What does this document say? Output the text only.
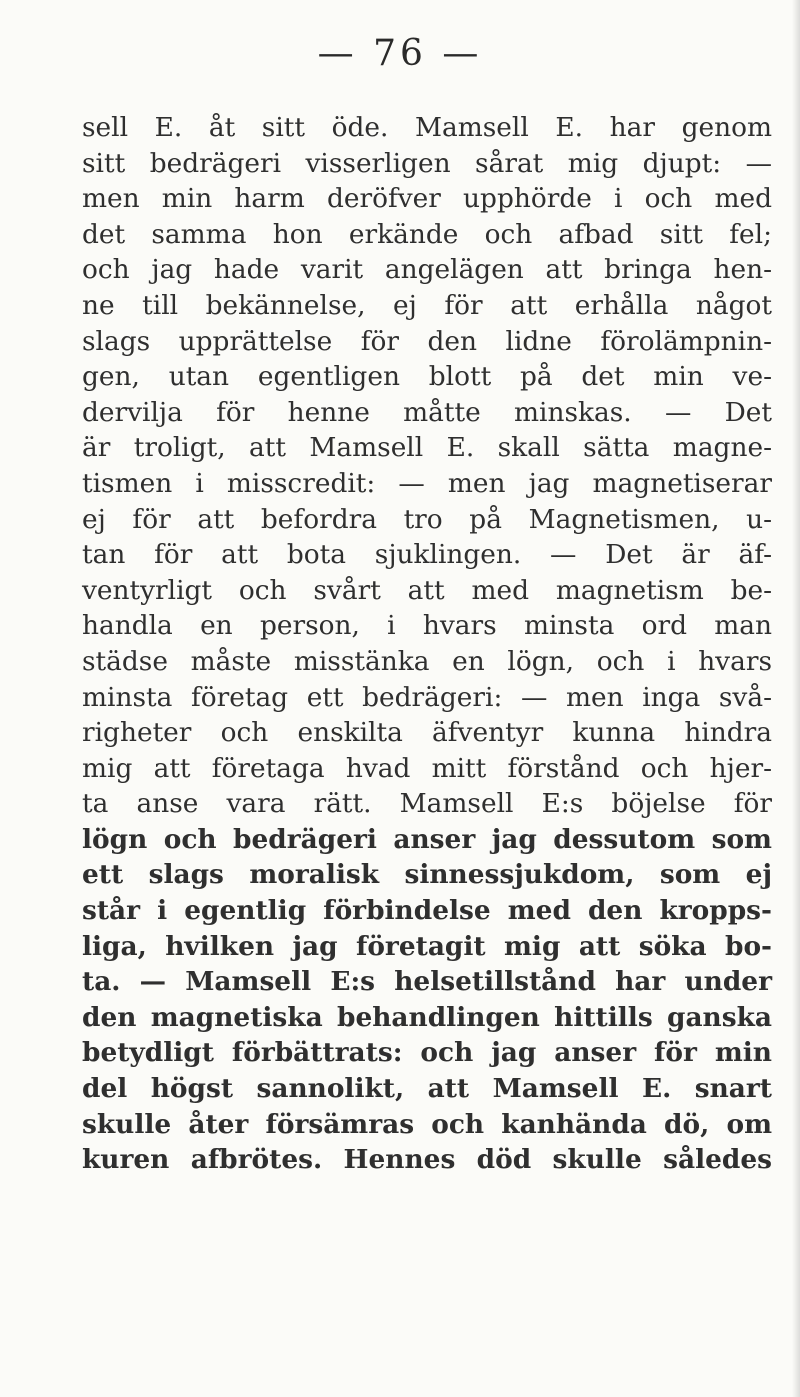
— 76 —
sell E. åt sitt öde. Mamsell E. har genom
sitt bedrägeri visserligen sårat mig djupt: —
men min harm deröfver upphörde i och med
det samma hon erkände och afbad sitt fel;
och jag hade varit angelägen att bringa hen-
ne till bekännelse, ej för att erhålla något
slags upprättelse för den lidne förolämpnin-
gen, utan egentligen blott på det min ve-
dervilja för henne måtte minskas. — Det
är troligt, att Mamsell E. skall sätta magne-
tismen i misscredit: — men jag magnetiserar
ej för att befordra tro på Magnetismen, u-
tan för att bota sjuklingen. — Det är äf-
ventyrligt och svårt att med magnetism be-
handla en person, i hvars minsta ord man
städse måste misstänka en lögn, och i hvars
minsta företag ett bedrägeri: — men inga svå-
righeter och enskilta äfventyr kunna hindra
mig att företaga hvad mitt förstånd och hjer-
ta anse vara rätt. Mamsell E:s böjelse för
lögn och bedrägeri anser jag dessutom som
ett slags moralisk sinnessjukdom, som ej
står i egentlig förbindelse med den kropps-
liga, hvilken jag företagit mig att söka bo-
ta. — Mamsell E:s helsetillstånd har under
den magnetiska behandlingen hittills ganska
betydligt förbättrats: och jag anser för min
del högst sannolikt, att Mamsell E. snart
skulle åter försämras och kanhända dö, om
kuren afbrötes. Hennes död skulle således
